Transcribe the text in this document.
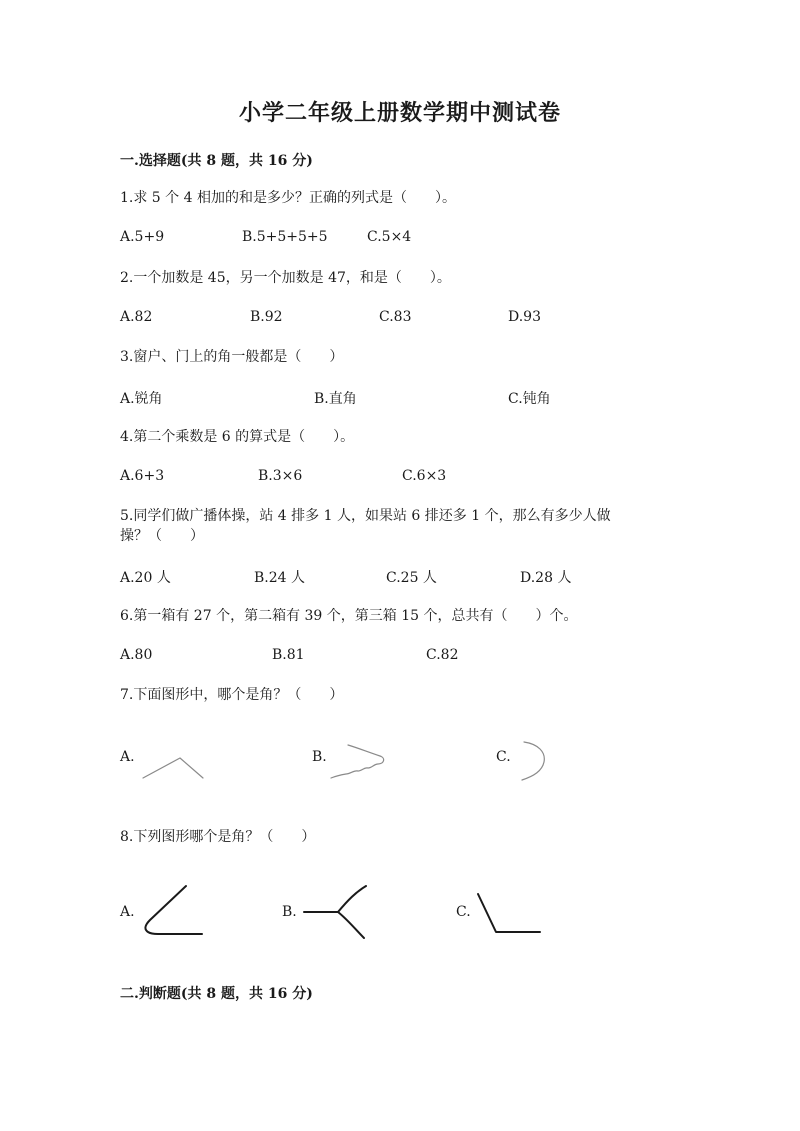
小学二年级上册数学期中测试卷
一.选择题(共 8 题，共 16 分)
1.求 5 个 4 相加的和是多少？正确的列式是（　　）。
A.5+9	B.5+5+5+5	C.5×4
2.一个加数是 45，另一个加数是 47，和是（　　）。
A.82	B.92	C.83	D.93
3.窗户、门上的角一般都是（　　）
A.锐角	B.直角	C.钝角
4.第二个乘数是 6 的算式是（　　）。
A.6+3	B.3×6	C.6×3
5.同学们做广播体操，站 4 排多 1 人，如果站 6 排还多 1 个，那么有多少人做
操？（　　）
A.20 人	B.24 人	C.25 人	D.28 人
6.第一箱有 27 个，第二箱有 39 个，第三箱 15 个，总共有（　　）个。
A.80	B.81	C.82
7.下面图形中，哪个是角？（　　）
A.	B.	C.
8.下列图形哪个是角？（　　）
A.	B.	C.
二.判断题(共 8 题，共 16 分)
